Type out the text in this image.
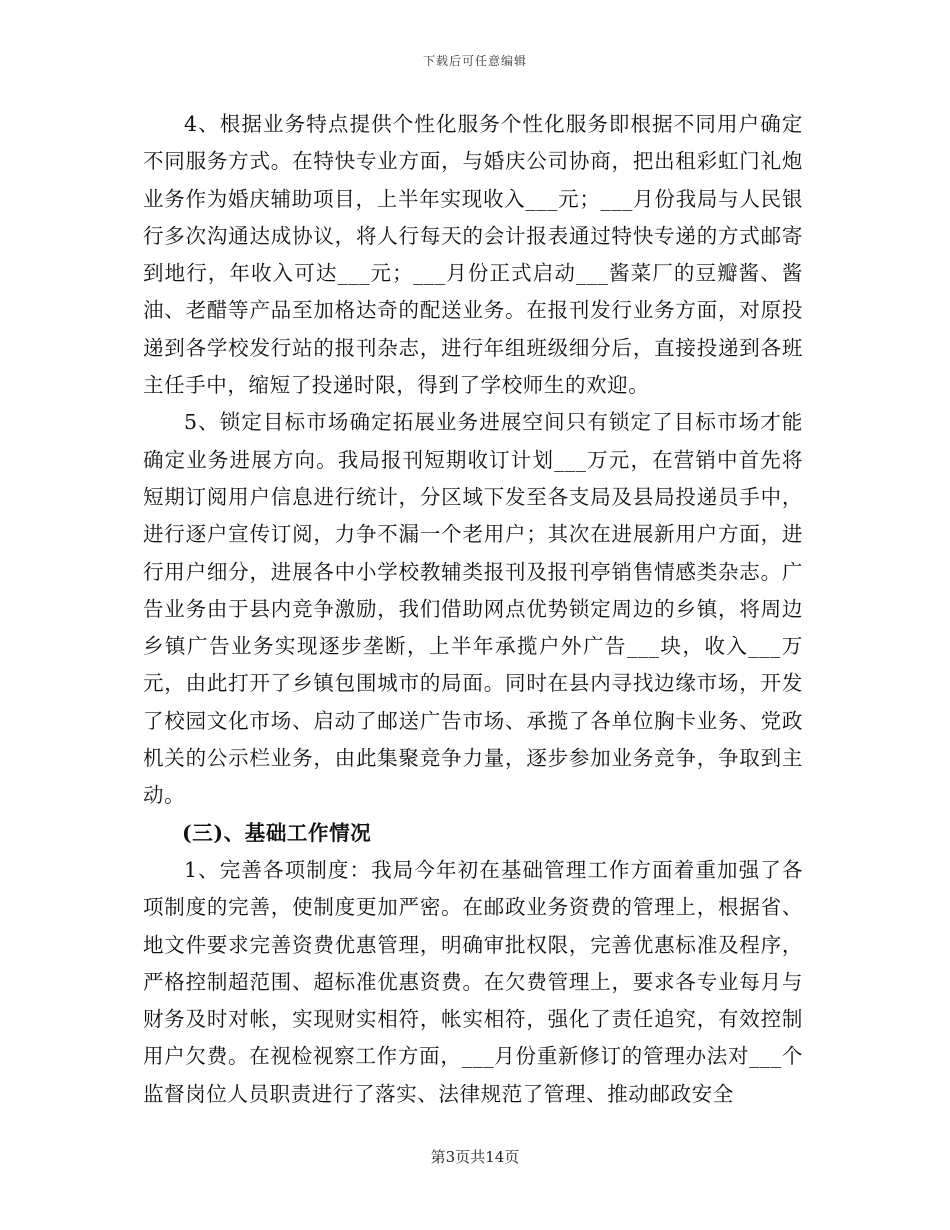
下载后可任意编辑

4、根据业务特点提供个性化服务个性化服务即根据不同用户确定不同服务方式。在特快专业方面，与婚庆公司协商，把出租彩虹门礼炮业务作为婚庆辅助项目，上半年实现收入___元；___月份我局与人民银行多次沟通达成协议，将人行每天的会计报表通过特快专递的方式邮寄到地行，年收入可达___元；___月份正式启动___酱菜厂的豆瓣酱、酱油、老醋等产品至加格达奇的配送业务。在报刊发行业务方面，对原投递到各学校发行站的报刊杂志，进行年组班级细分后，直接投递到各班主任手中，缩短了投递时限，得到了学校师生的欢迎。

5、锁定目标市场确定拓展业务进展空间只有锁定了目标市场才能确定业务进展方向。我局报刊短期收订计划___万元，在营销中首先将短期订阅用户信息进行统计，分区域下发至各支局及县局投递员手中，进行逐户宣传订阅，力争不漏一个老用户；其次在进展新用户方面，进行用户细分，进展各中小学校教辅类报刊及报刊亭销售情感类杂志。广告业务由于县内竞争激励，我们借助网点优势锁定周边的乡镇，将周边乡镇广告业务实现逐步垄断，上半年承揽户外广告___块，收入___万元，由此打开了乡镇包围城市的局面。同时在县内寻找边缘市场，开发了校园文化市场、启动了邮送广告市场、承揽了各单位胸卡业务、党政机关的公示栏业务，由此集聚竞争力量，逐步参加业务竞争，争取到主动。

(三)、基础工作情况

1、完善各项制度：我局今年初在基础管理工作方面着重加强了各项制度的完善，使制度更加严密。在邮政业务资费的管理上，根据省、地文件要求完善资费优惠管理，明确审批权限，完善优惠标准及程序，严格控制超范围、超标准优惠资费。在欠费管理上，要求各专业每月与财务及时对帐，实现财实相符，帐实相符，强化了责任追究，有效控制用户欠费。在视检视察工作方面，___月份重新修订的管理办法对___个监督岗位人员职责进行了落实、法律规范了管理、推动邮政安全

第3页共14页
